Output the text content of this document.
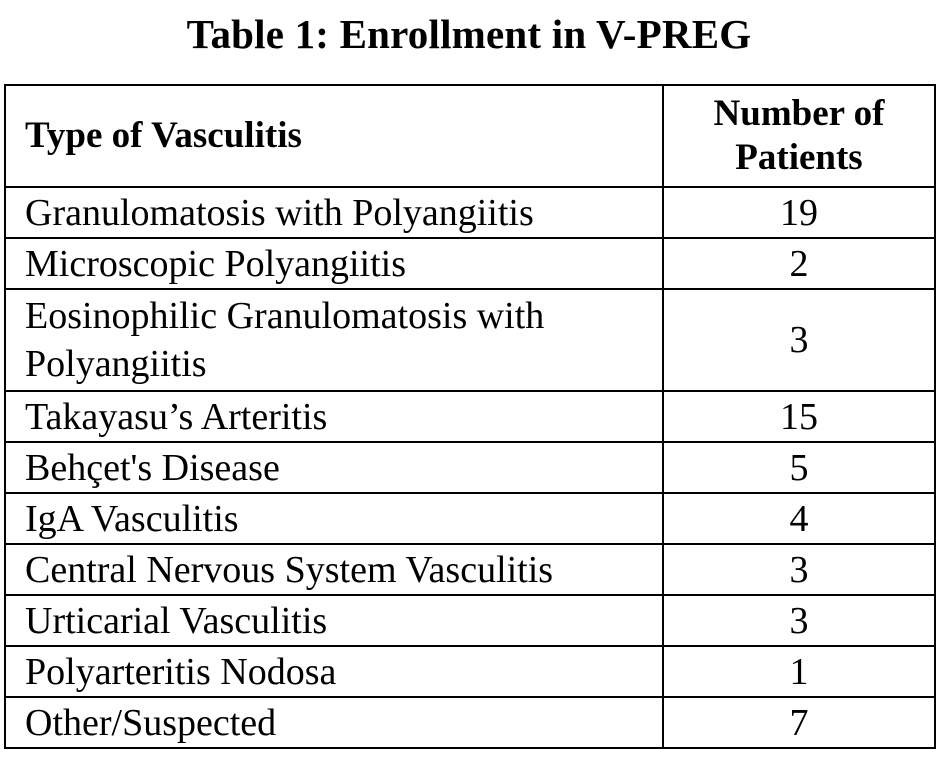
Table 1: Enrollment in V-PREG
Type of Vasculitis	Number of Patients
Granulomatosis with Polyangiitis	19
Microscopic Polyangiitis	2
Eosinophilic Granulomatosis with Polyangiitis	3
Takayasu’s Arteritis	15
Behçet's Disease	5
IgA Vasculitis	4
Central Nervous System Vasculitis	3
Urticarial Vasculitis	3
Polyarteritis Nodosa	1
Other/Suspected	7
